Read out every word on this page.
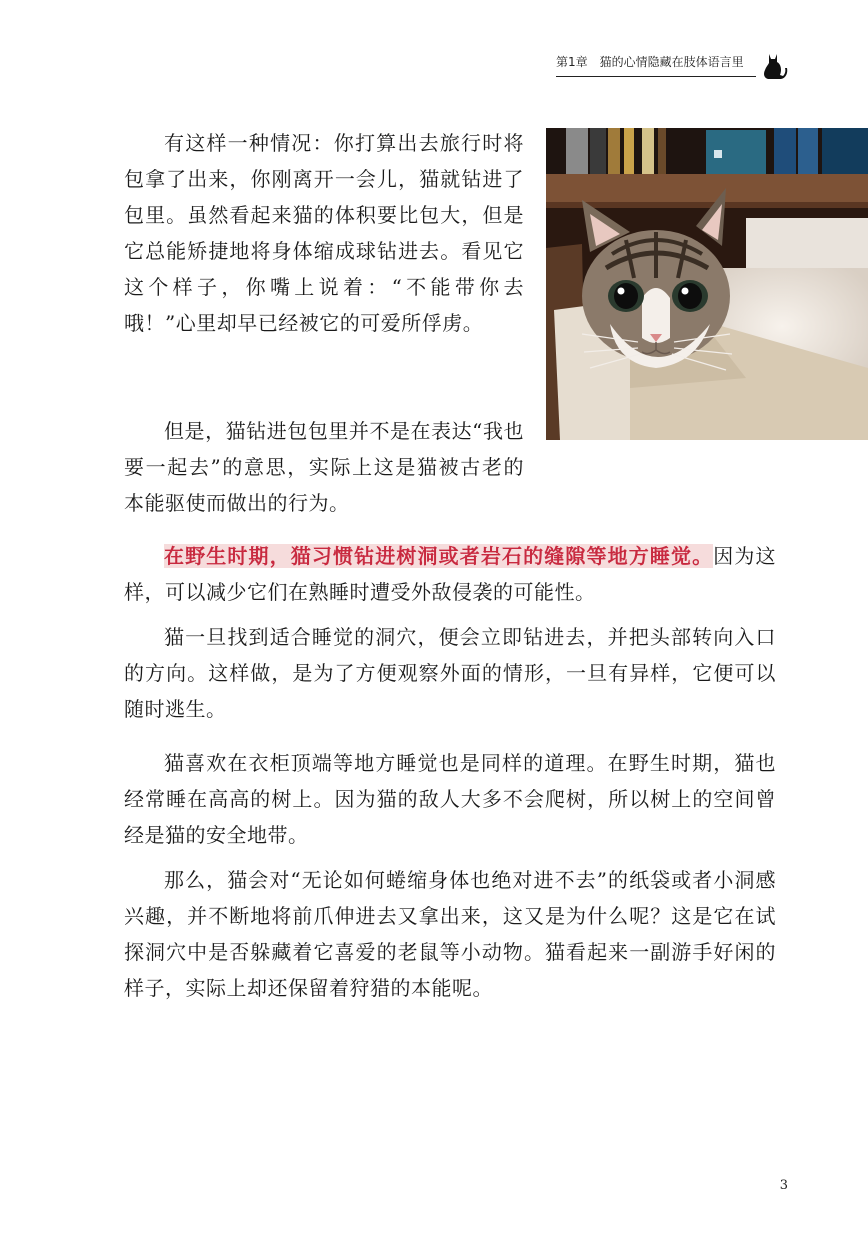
第1章 猫的心情隐藏在肢体语言里

有这样一种情况：你打算出去旅行时将包拿了出来，你刚离开一会儿，猫就钻进了包里。虽然看起来猫的体积要比包大，但是它总能矫捷地将身体缩成球钻进去。看见它这个样子，你嘴上说着：“不能带你去哦！”心里却早已经被它的可爱所俘虏。

但是，猫钻进包包里并不是在表达“我也要一起去”的意思，实际上这是猫被古老的本能驱使而做出的行为。

在野生时期，猫习惯钻进树洞或者岩石的缝隙等地方睡觉。因为这样，可以减少它们在熟睡时遭受外敌侵袭的可能性。

猫一旦找到适合睡觉的洞穴，便会立即钻进去，并把头部转向入口的方向。这样做，是为了方便观察外面的情形，一旦有异样，它便可以随时逃生。

猫喜欢在衣柜顶端等地方睡觉也是同样的道理。在野生时期，猫也经常睡在高高的树上。因为猫的敌人大多不会爬树，所以树上的空间曾经是猫的安全地带。

那么，猫会对“无论如何蜷缩身体也绝对进不去”的纸袋或者小洞感兴趣，并不断地将前爪伸进去又拿出来，这又是为什么呢？这是它在试探洞穴中是否躲藏着它喜爱的老鼠等小动物。猫看起来一副游手好闲的样子，实际上却还保留着狩猎的本能呢。

3
